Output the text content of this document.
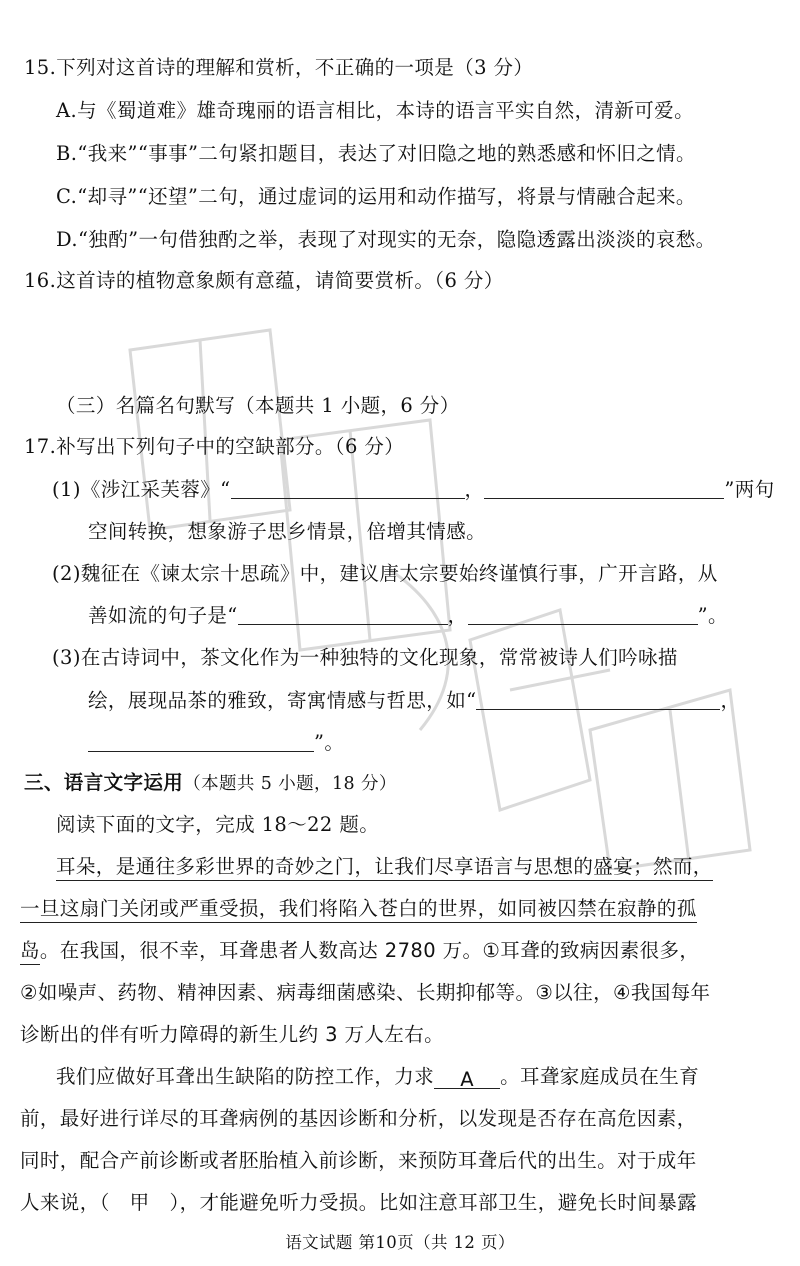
15.下列对这首诗的理解和赏析，不正确的一项是（3 分）
A.与《蜀道难》雄奇瑰丽的语言相比，本诗的语言平实自然，清新可爱。
B.“我来”“事事”二句紧扣题目，表达了对旧隐之地的熟悉感和怀旧之情。
C.“却寻”“还望”二句，通过虚词的运用和动作描写，将景与情融合起来。
D.“独酌”一句借独酌之举，表现了对现实的无奈，隐隐透露出淡淡的哀愁。
16.这首诗的植物意象颇有意蕴，请简要赏析。（6 分）
（三）名篇名句默写（本题共 1 小题，6 分）
17.补写出下列句子中的空缺部分。（6 分）
(1)《涉江采芙蓉》“	，	”两句
空间转换，想象游子思乡情景，倍增其情感。
(2)魏征在《谏太宗十思疏》中，建议唐太宗要始终谨慎行事，广开言路，从
善如流的句子是“	，	”。
(3)在古诗词中，茶文化作为一种独特的文化现象，常常被诗人们吟咏描
绘，展现品茶的雅致，寄寓情感与哲思，如“	，
”。
三、语言文字运用（本题共 5 小题，18 分）
阅读下面的文字，完成 18～22 题。
耳朵，是通往多彩世界的奇妙之门，让我们尽享语言与思想的盛宴；然而，
一旦这扇门关闭或严重受损，我们将陷入苍白的世界，如同被囚禁在寂静的孤
岛。在我国，很不幸，耳聋患者人数高达 2780 万。①耳聋的致病因素很多，
②如噪声、药物、精神因素、病毒细菌感染、长期抑郁等。③以往，④我国每年
诊断出的伴有听力障碍的新生儿约 3 万人左右。
我们应做好耳聋出生缺陷的防控工作，力求 A 。耳聋家庭成员在生育
前，最好进行详尽的耳聋病例的基因诊断和分析，以发现是否存在高危因素，
同时，配合产前诊断或者胚胎植入前诊断，来预防耳聋后代的出生。对于成年
人来说，（　甲　），才能避免听力受损。比如注意耳部卫生，避免长时间暴露
语文试题 第10页（共 12 页）
